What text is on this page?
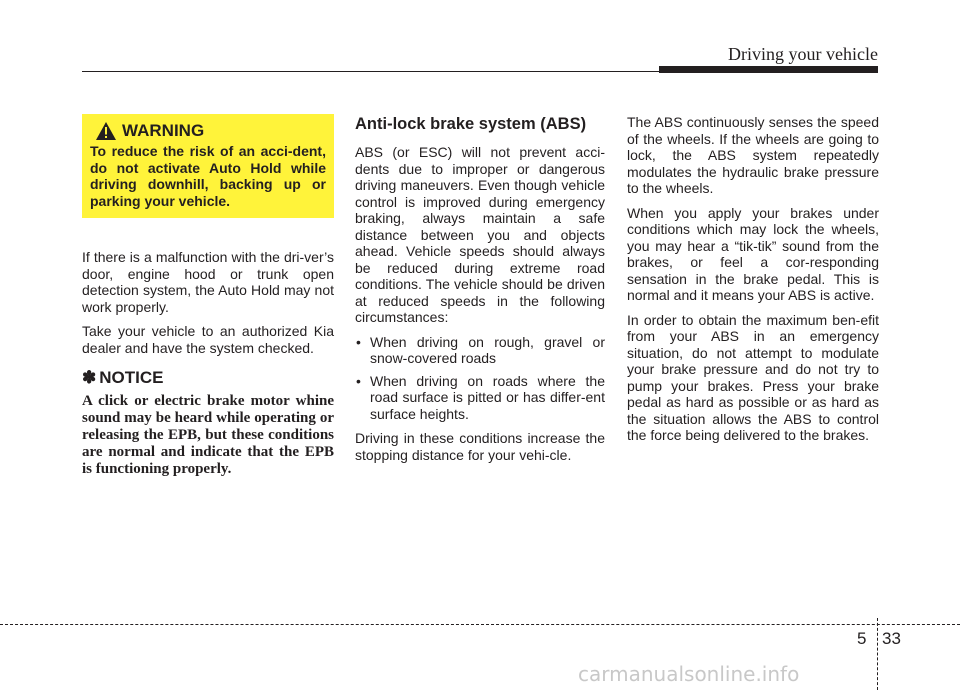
Driving your vehicle
WARNING
To reduce the risk of an acci-dent, do not activate Auto Hold while driving downhill, backing up or parking your vehicle.

If there is a malfunction with the dri-ver’s door, engine hood or trunk open detection system, the Auto Hold may not work properly.

Take your vehicle to an authorized Kia dealer and have the system checked.

✽ NOTICE

A click or electric brake motor whine sound may be heard while operating or releasing the EPB, but these conditions are normal and indicate that the EPB is functioning properly.

Anti-lock brake system (ABS)

ABS (or ESC) will not prevent acci-dents due to improper or dangerous driving maneuvers. Even though vehicle control is improved during emergency braking, always maintain a safe distance between you and objects ahead. Vehicle speeds should always be reduced during extreme road conditions. The vehicle should be driven at reduced speeds in the following circumstances:

• When driving on rough, gravel or snow-covered roads
• When driving on roads where the road surface is pitted or has differ-ent surface heights.

Driving in these conditions increase the stopping distance for your vehi-cle.

The ABS continuously senses the speed of the wheels. If the wheels are going to lock, the ABS system repeatedly modulates the hydraulic brake pressure to the wheels.

When you apply your brakes under conditions which may lock the wheels, you may hear a “tik-tik” sound from the brakes, or feel a cor-responding sensation in the brake pedal. This is normal and it means your ABS is active.

In order to obtain the maximum ben-efit from your ABS in an emergency situation, do not attempt to modulate your brake pressure and do not try to pump your brakes. Press your brake pedal as hard as possible or as hard as the situation allows the ABS to control the force being delivered to the brakes.

5 33
carmanualsonline.info
